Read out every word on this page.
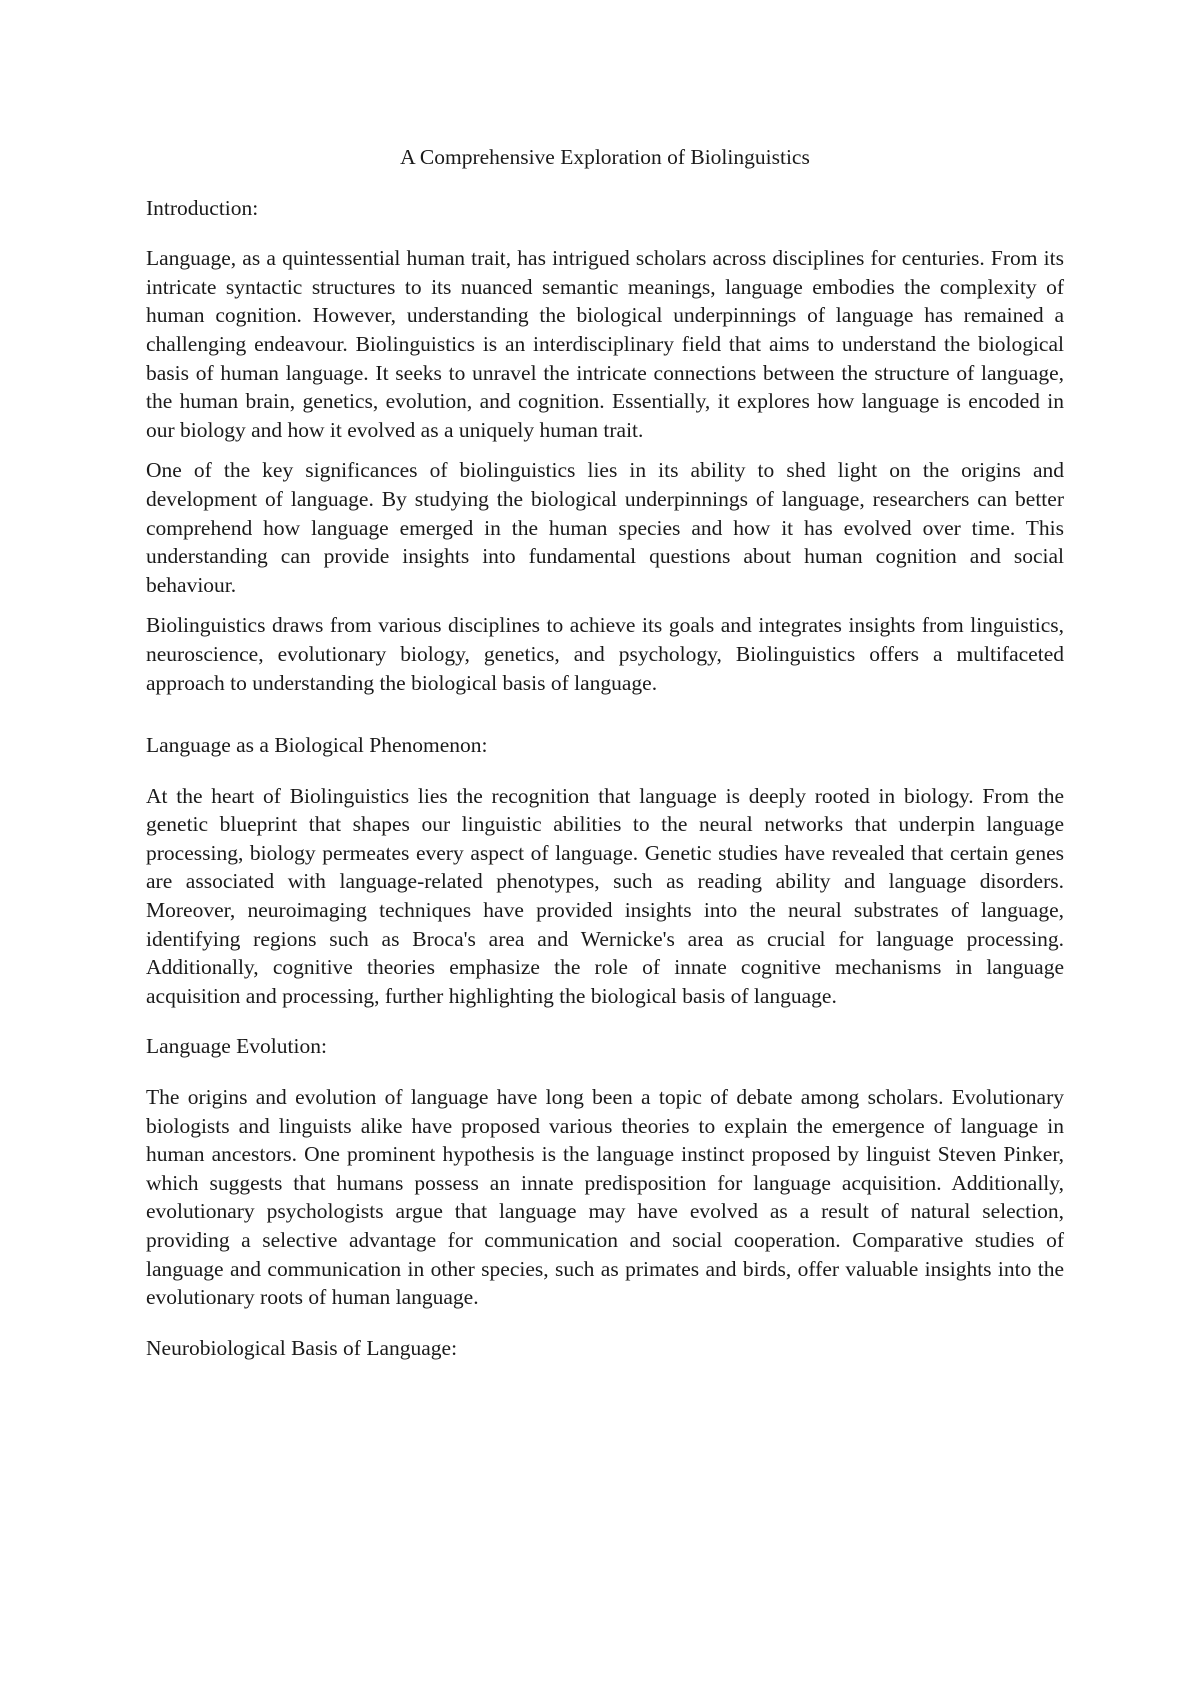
A Comprehensive Exploration of Biolinguistics
Introduction:

Language, as a quintessential human trait, has intrigued scholars across disciplines for centuries. From its intricate syntactic structures to its nuanced semantic meanings, language embodies the complexity of human cognition. However, understanding the biological underpinnings of language has remained a challenging endeavour. Biolinguistics is an interdisciplinary field that aims to understand the biological basis of human language. It seeks to unravel the intricate connections between the structure of language, the human brain, genetics, evolution, and cognition. Essentially, it explores how language is encoded in our biology and how it evolved as a uniquely human trait.

One of the key significances of biolinguistics lies in its ability to shed light on the origins and development of language. By studying the biological underpinnings of language, researchers can better comprehend how language emerged in the human species and how it has evolved over time. This understanding can provide insights into fundamental questions about human cognition and social behaviour.

Biolinguistics draws from various disciplines to achieve its goals and integrates insights from linguistics, neuroscience, evolutionary biology, genetics, and psychology, Biolinguistics offers a multifaceted approach to understanding the biological basis of language.

Language as a Biological Phenomenon:

At the heart of Biolinguistics lies the recognition that language is deeply rooted in biology. From the genetic blueprint that shapes our linguistic abilities to the neural networks that underpin language processing, biology permeates every aspect of language. Genetic studies have revealed that certain genes are associated with language-related phenotypes, such as reading ability and language disorders. Moreover, neuroimaging techniques have provided insights into the neural substrates of language, identifying regions such as Broca's area and Wernicke's area as crucial for language processing. Additionally, cognitive theories emphasize the role of innate cognitive mechanisms in language acquisition and processing, further highlighting the biological basis of language.

Language Evolution:

The origins and evolution of language have long been a topic of debate among scholars. Evolutionary biologists and linguists alike have proposed various theories to explain the emergence of language in human ancestors. One prominent hypothesis is the language instinct proposed by linguist Steven Pinker, which suggests that humans possess an innate predisposition for language acquisition. Additionally, evolutionary psychologists argue that language may have evolved as a result of natural selection, providing a selective advantage for communication and social cooperation. Comparative studies of language and communication in other species, such as primates and birds, offer valuable insights into the evolutionary roots of human language.

Neurobiological Basis of Language:
